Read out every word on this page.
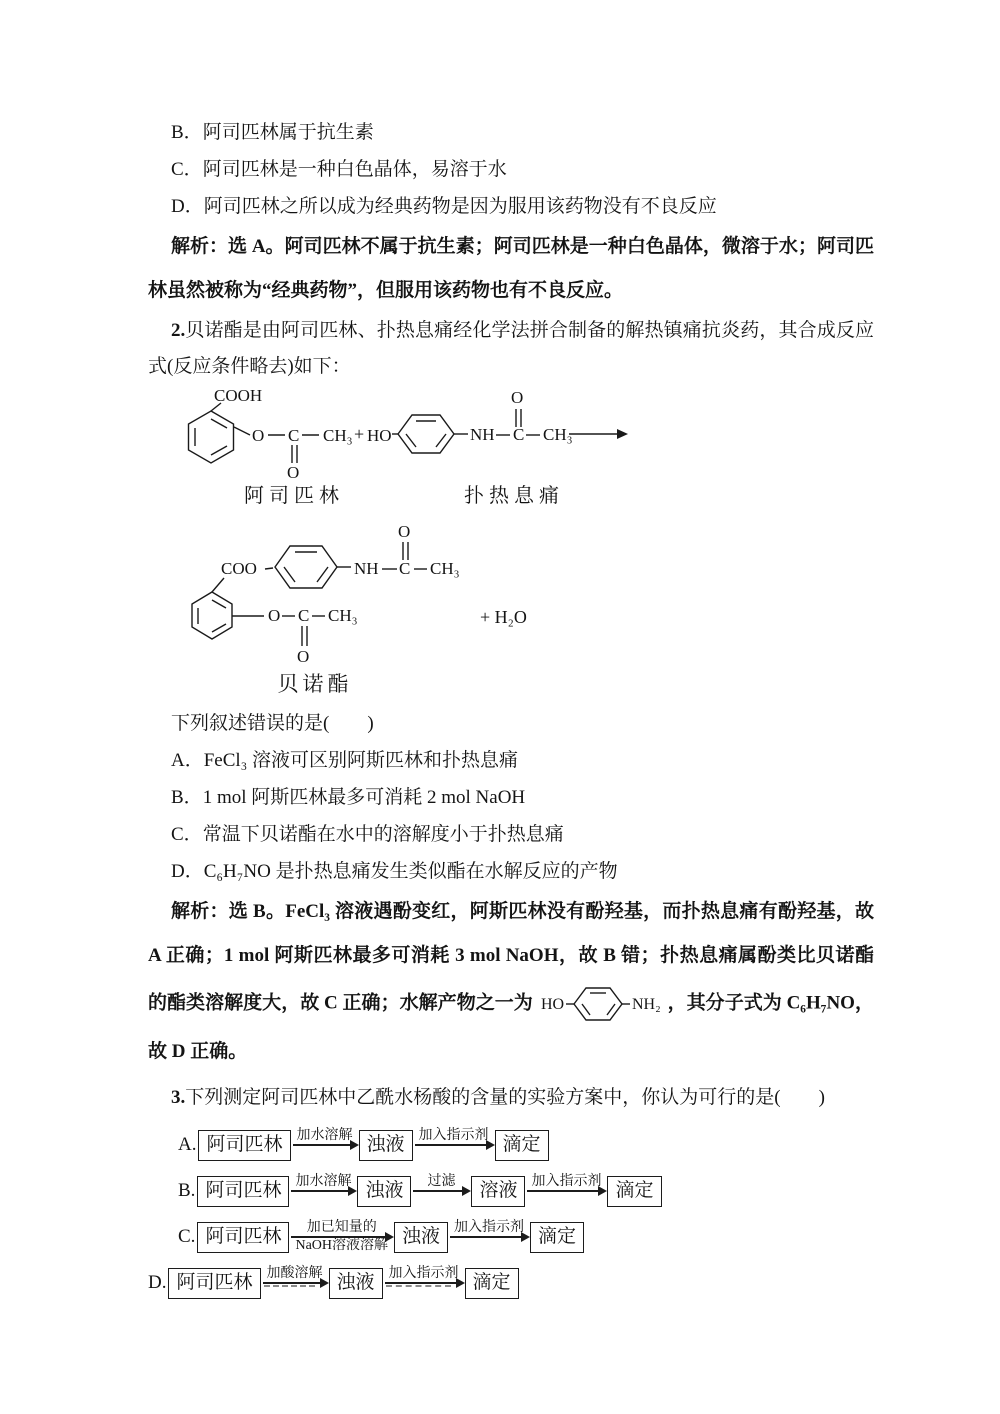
B．阿司匹林属于抗生素
C．阿司匹林是一种白色晶体，易溶于水
D．阿司匹林之所以成为经典药物是因为服用该药物没有不良反应

解析：选 A。阿司匹林不属于抗生素；阿司匹林是一种白色晶体，微溶于水；阿司匹林虽然被称为“经典药物”，但服用该药物也有不良反应。

2.贝诺酯是由阿司匹林、扑热息痛经化学法拼合制备的解热镇痛抗炎药，其合成反应式(反应条件略去)如下：

COOH
O C CH₃
O
+ HO	NH C CH₃
O
阿司匹林	扑热息痛
O
COO	NH C CH₃
O C CH₃
O
+ H₂O
贝诺酯
下列叙述错误的是(　　)
A．FeCl₃ 溶液可区别阿斯匹林和扑热息痛
B．1 mol 阿斯匹林最多可消耗 2 mol NaOH
C．常温下贝诺酯在水中的溶解度小于扑热息痛
D．C₆H₇NO 是扑热息痛发生类似酯在水解反应的产物

解析：选 B。FeCl₃ 溶液遇酚变红，阿斯匹林没有酚羟基，而扑热息痛有酚羟基，故 A 正确；1 mol 阿斯匹林最多可消耗 3 mol NaOH，故 B 错；扑热息痛属酚类比贝诺酯的酯类溶解度大，故 C 正确；水解产物之一为 HO	NH₂ ，其分子式为 C₆H₇NO，故 D 正确。

3.下列测定阿司匹林中乙酰水杨酸的含量的实验方案中，你认为可行的是(　　)

A. 阿司匹林	加水溶解 浊液	加入指示剂 滴定
B. 阿司匹林	加水溶解 浊液	过滤	溶液	加入指示剂 滴定
C. 阿司匹林	加已知量的
NaOH溶液溶解 浊液	加入指示剂 滴定
D. 阿司匹林	加酸溶解 浊液	加入指示剂 滴定
